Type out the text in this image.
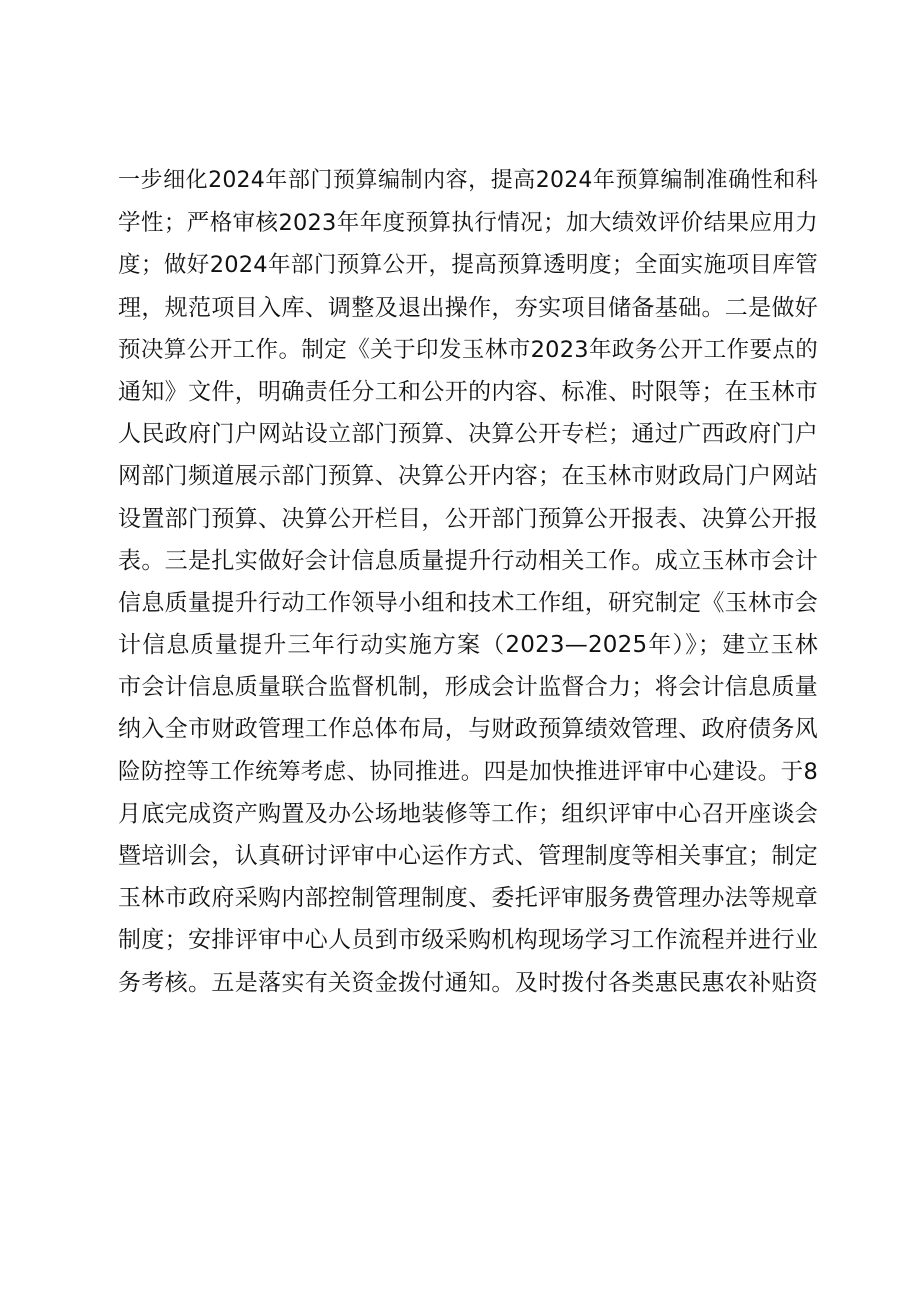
一步细化2024年部门预算编制内容，提高2024年预算编制准确性和科
学性；严格审核2023年年度预算执行情况；加大绩效评价结果应用力
度；做好2024年部门预算公开，提高预算透明度；全面实施项目库管
理，规范项目入库、调整及退出操作，夯实项目储备基础。二是做好
预决算公开工作。制定《关于印发玉林市2023年政务公开工作要点的
通知》文件，明确责任分工和公开的内容、标准、时限等；在玉林市
人民政府门户网站设立部门预算、决算公开专栏；通过广西政府门户
网部门频道展示部门预算、决算公开内容；在玉林市财政局门户网站
设置部门预算、决算公开栏目，公开部门预算公开报表、决算公开报
表。三是扎实做好会计信息质量提升行动相关工作。成立玉林市会计
信息质量提升行动工作领导小组和技术工作组，研究制定《玉林市会
计信息质量提升三年行动实施方案（2023—2025年）》；建立玉林
市会计信息质量联合监督机制，形成会计监督合力；将会计信息质量
纳入全市财政管理工作总体布局，与财政预算绩效管理、政府债务风
险防控等工作统筹考虑、协同推进。四是加快推进评审中心建设。于8
月底完成资产购置及办公场地装修等工作；组织评审中心召开座谈会
暨培训会，认真研讨评审中心运作方式、管理制度等相关事宜；制定
玉林市政府采购内部控制管理制度、委托评审服务费管理办法等规章
制度；安排评审中心人员到市级采购机构现场学习工作流程并进行业
务考核。五是落实有关资金拨付通知。及时拨付各类惠民惠农补贴资
